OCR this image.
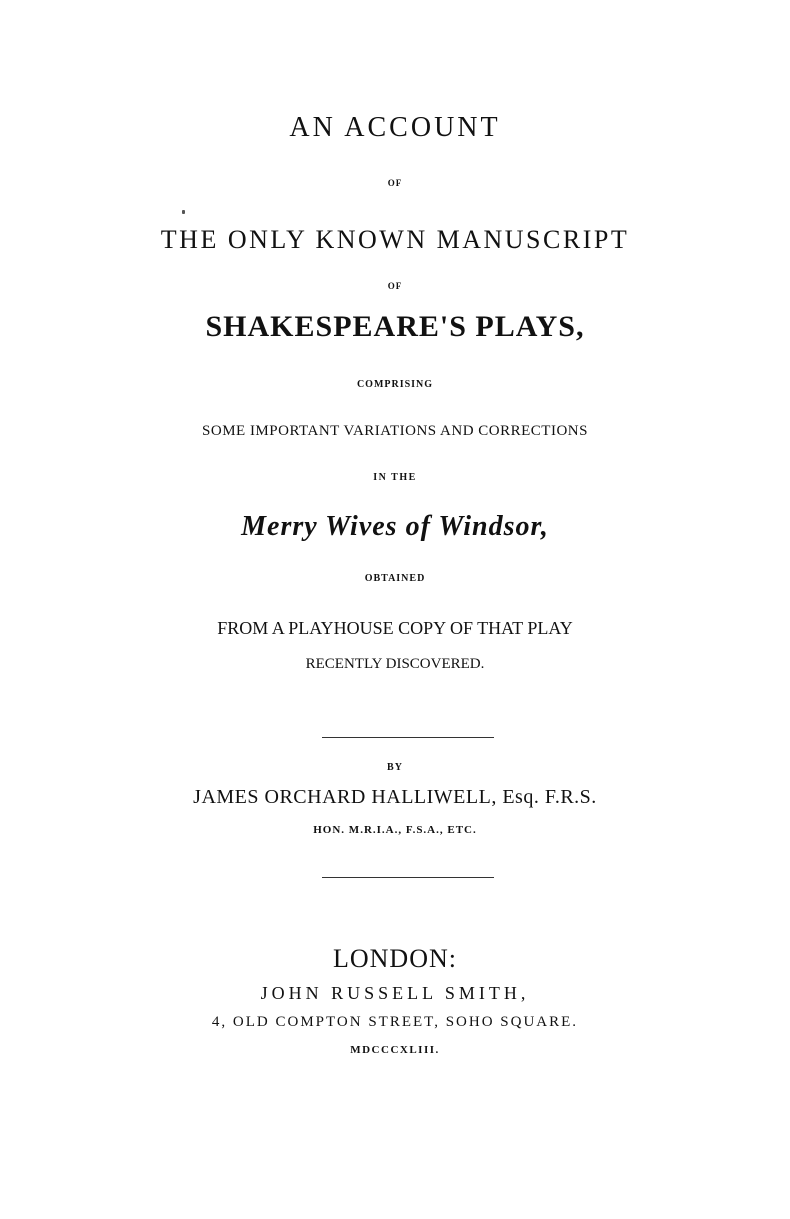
AN ACCOUNT
OF
THE ONLY KNOWN MANUSCRIPT
OF
SHAKESPEARE'S PLAYS,
COMPRISING
SOME IMPORTANT VARIATIONS AND CORRECTIONS
IN THE
Merry Wives of Windsor,
OBTAINED
FROM A PLAYHOUSE COPY OF THAT PLAY
RECENTLY DISCOVERED.
BY
JAMES ORCHARD HALLIWELL, Esq. F.R.S.
HON. M.R.I.A., F.S.A., ETC.
LONDON:
JOHN RUSSELL SMITH,
4, OLD COMPTON STREET, SOHO SQUARE.
MDCCCXLIII.
